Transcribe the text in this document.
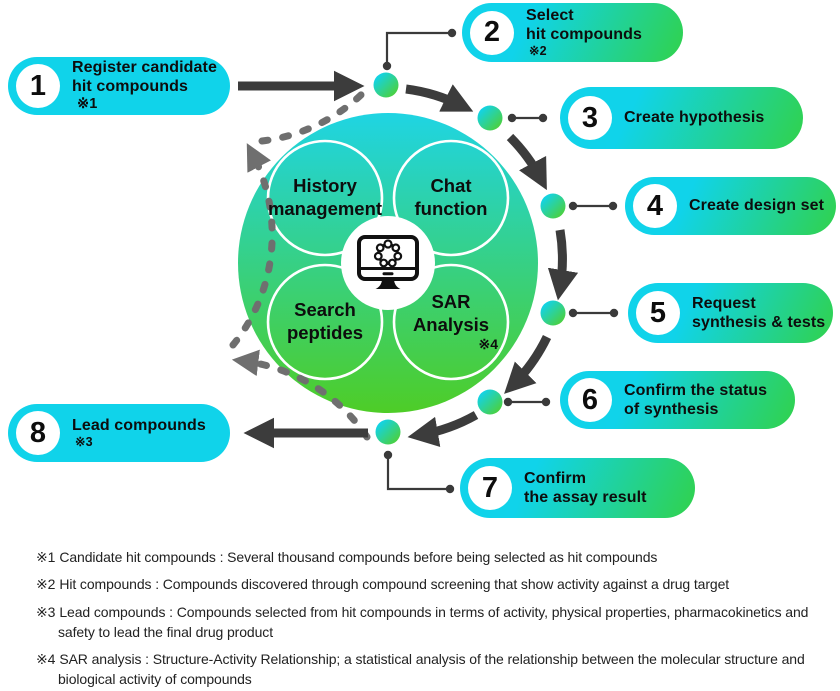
1
Register candidate
hit compounds
※1
2
Select
hit compounds
※2
3	Create hypothesis
4	Create design set
5	Request
synthesis & tests
6	Confirm the status
of synthesis
7	Confirm
the assay result
8	Lead compounds
※3
History
management
Chat
function
Search
peptides
SAR
Analysis
※4
※1 Candidate hit compounds : Several thousand compounds before being selected as hit compounds
※2 Hit compounds : Compounds discovered through compound screening that show activity against a drug target
※3 Lead compounds : Compounds selected from hit compounds in terms of activity, physical properties, pharmacokinetics and safety to lead the final drug product
※4 SAR analysis : Structure-Activity Relationship; a statistical analysis of the relationship between the molecular structure and biological activity of compounds
